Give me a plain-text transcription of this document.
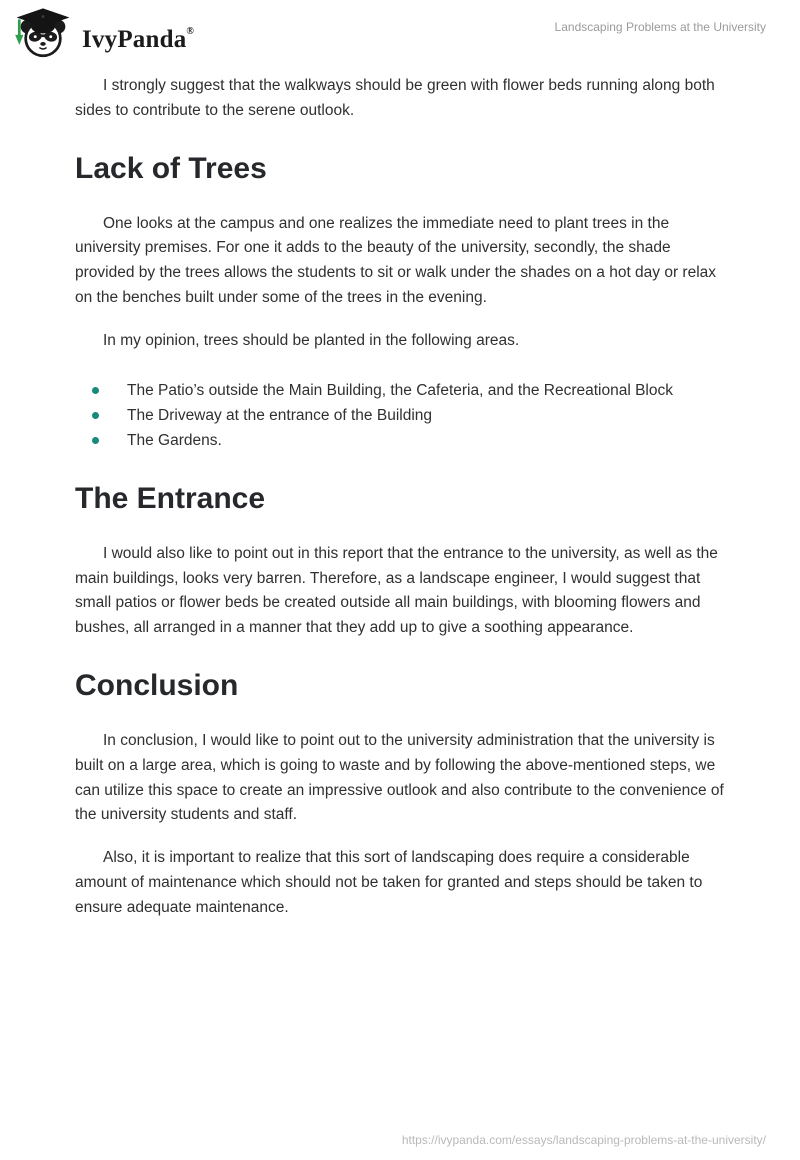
IvyPanda®	Landscaping Problems at the University

I strongly suggest that the walkways should be green with flower beds running along both sides to contribute to the serene outlook.

Lack of Trees

One looks at the campus and one realizes the immediate need to plant trees in the university premises. For one it adds to the beauty of the university, secondly, the shade provided by the trees allows the students to sit or walk under the shades on a hot day or relax on the benches built under some of the trees in the evening.

In my opinion, trees should be planted in the following areas.

The Patio’s outside the Main Building, the Cafeteria, and the Recreational Block
The Driveway at the entrance of the Building
The Gardens.
The Entrance

I would also like to point out in this report that the entrance to the university, as well as the main buildings, looks very barren. Therefore, as a landscape engineer, I would suggest that small patios or flower beds be created outside all main buildings, with blooming flowers and bushes, all arranged in a manner that they add up to give a soothing appearance.

Conclusion

In conclusion, I would like to point out to the university administration that the university is built on a large area, which is going to waste and by following the above-mentioned steps, we can utilize this space to create an impressive outlook and also contribute to the convenience of the university students and staff.

Also, it is important to realize that this sort of landscaping does require a considerable amount of maintenance which should not be taken for granted and steps should be taken to ensure adequate maintenance.

https://ivypanda.com/essays/landscaping-problems-at-the-university/
